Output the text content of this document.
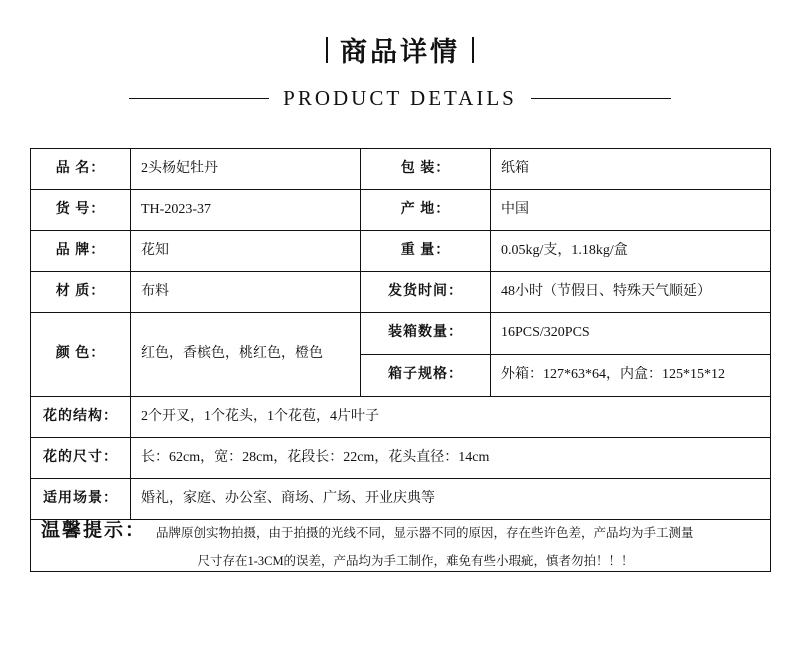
商品详情
PRODUCT DETAILS
品 名：	2头杨妃牡丹	包 装：	纸箱
货 号：	TH-2023-37	产 地：	中国
品 牌：	花知	重 量：	0.05kg/支，1.18kg/盒
材 质：	布料	发货时间：	48小时（节假日、特殊天气顺延）
颜 色：	红色，香槟色，桃红色，橙色	装箱数量：	16PCS/320PCS
		箱子规格：	外箱：127*63*64，内盒：125*15*12
花的结构：	2个开叉，1个花头，1个花苞，4片叶子		
花的尺寸：	长：62cm，宽：28cm，花段长：22cm，花头直径：14cm		
适用场景：	婚礼，家庭、办公室、商场、广场、开业庆典等		

温馨提示： 品牌原创实物拍摄，由于拍摄的光线不同，显示器不同的原因，存在些许色差，产品均为手工测量
尺寸存在1-3CM的误差，产品均为手工制作，难免有些小瑕疵，慎者勿拍！！！			
